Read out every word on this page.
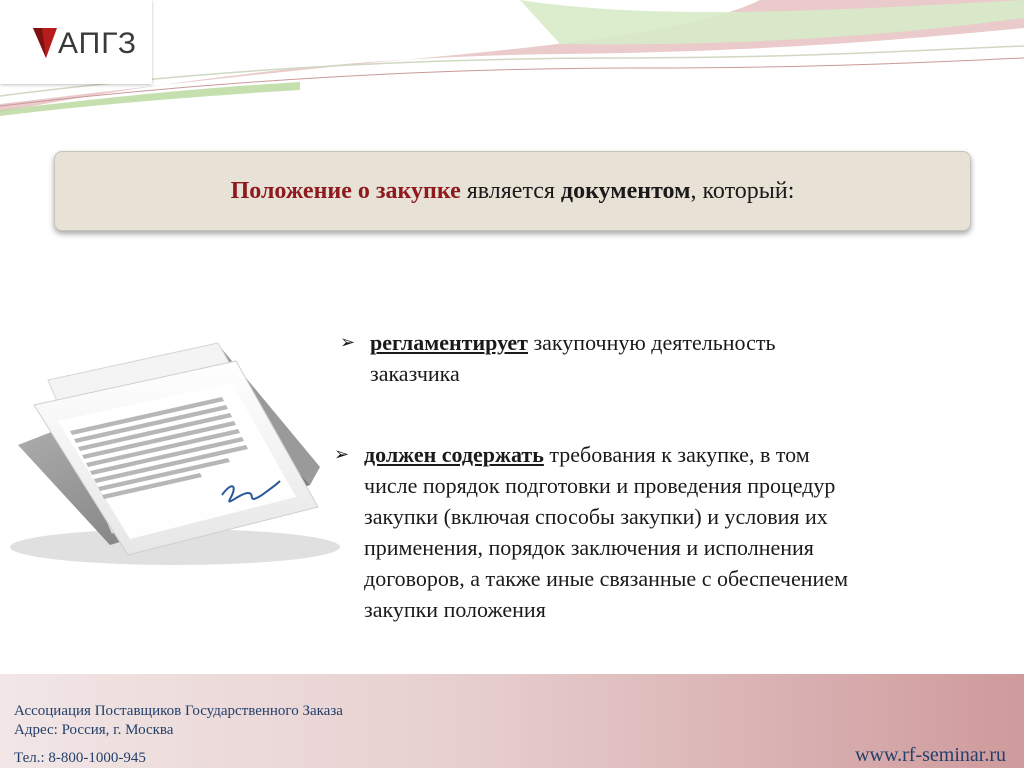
АПГЗ
Положение о закупке является документом, который:
➢ регламентирует закупочную деятельность
заказчика
➢ должен содержать требования к закупке, в том
числе порядок подготовки и проведения процедур
закупки (включая способы закупки) и условия их
применения, порядок заключения и исполнения
договоров, а также иные связанные с обеспечением
закупки положения
Ассоциация Поставщиков Государственного Заказа
Адрес: Россия, г. Москва
Тел.: 8-800-1000-945	www.rf-seminar.ru
